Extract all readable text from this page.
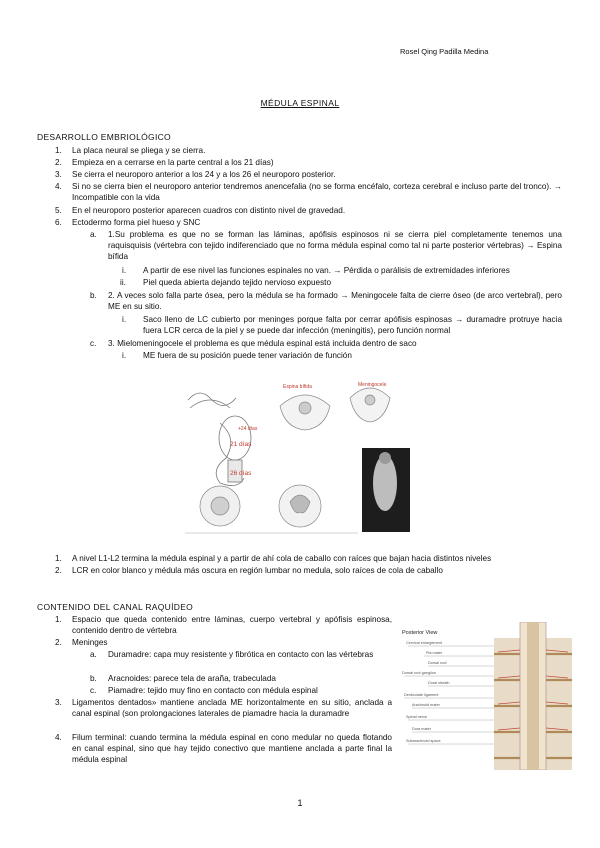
Rosel Qing Padilla Medina
MÉDULA ESPINAL
DESARROLLO EMBRIOLÓGICO
1. La placa neural se pliega y se cierra.
2. Empieza en a cerrarse en la parte central a los 21 días)
3. Se cierra el neuroporo anterior a los 24 y a los 26 el neuroporo posterior.
4. Si no se cierra bien el neuroporo anterior tendremos anencefalia (no se forma encéfalo, corteza cerebral e incluso parte del tronco). → Incompatible con la vida
5. En el neuroporo posterior aparecen cuadros con distinto nivel de gravedad.
6. Ectodermo forma piel hueso y SNC
a. 1.Su problema es que no se forman las láminas, apófisis espinosos ni se cierra piel completamente tenemos una raquisquisis (vértebra con tejido indiferenciado que no forma médula espinal como tal ni parte posterior vértebras) → Espina bífida
i. A partir de ese nivel las funciones espinales no van. → Pérdida o parálisis de extremidades inferiores
ii. Piel queda abierta dejando tejido nervioso expuesto
b. 2. A veces solo falla parte ósea, pero la médula se ha formado → Meningocele falta de cierre óseo (de arco vertebral), pero ME en su sitio.
i. Saco lleno de LC cubierto por meninges porque falta por cerrar apófisis espinosas → duramadre protruye hacia fuera LCR cerca de la piel y se puede dar infección (meningitis), pero función normal
c. 3. Mielomeningocele el problema es que médula espinal está incluida dentro de saco
i. ME fuera de su posición puede tener variación de función
+24 días
21 días
26 días
Espina bífida	Meningocele
1. A nivel L1-L2 termina la médula espinal y a partir de ahí cola de caballo con raíces que bajan hacia distintos niveles
2. LCR en color blanco y médula más oscura en región lumbar no medula, solo raíces de cola de caballo
CONTENIDO DEL CANAL RAQUÍDEO
1. Espacio que queda contenido entre láminas, cuerpo vertebral y apófisis espinosa, contenido dentro de vértebra
2. Meninges
a. Duramadre: capa muy resistente y fibrótica en contacto con las vértebras
b. Aracnoides: parece tela de araña, trabeculada
c. Piamadre: tejido muy fino en contacto con médula espinal
3. Ligamentos dentados» mantiene anclada ME horizontalmente en su sitio, anclada a canal espinal (son prolongaciones laterales de piamadre hacia la duramadre
4. Filum terminal: cuando termina la médula espinal en cono medular no queda flotando en canal espinal, sino que hay tejido conectivo que mantiene anclada a parte final la médula espinal
Posterior View
Cervical enlargement
Pia mater
Dorsal root
Dorsal root ganglion
Dural sheath
Denticulate ligament
Arachnoid mater
Spinal nerve
Dura mater
Subarachnoid space
1
